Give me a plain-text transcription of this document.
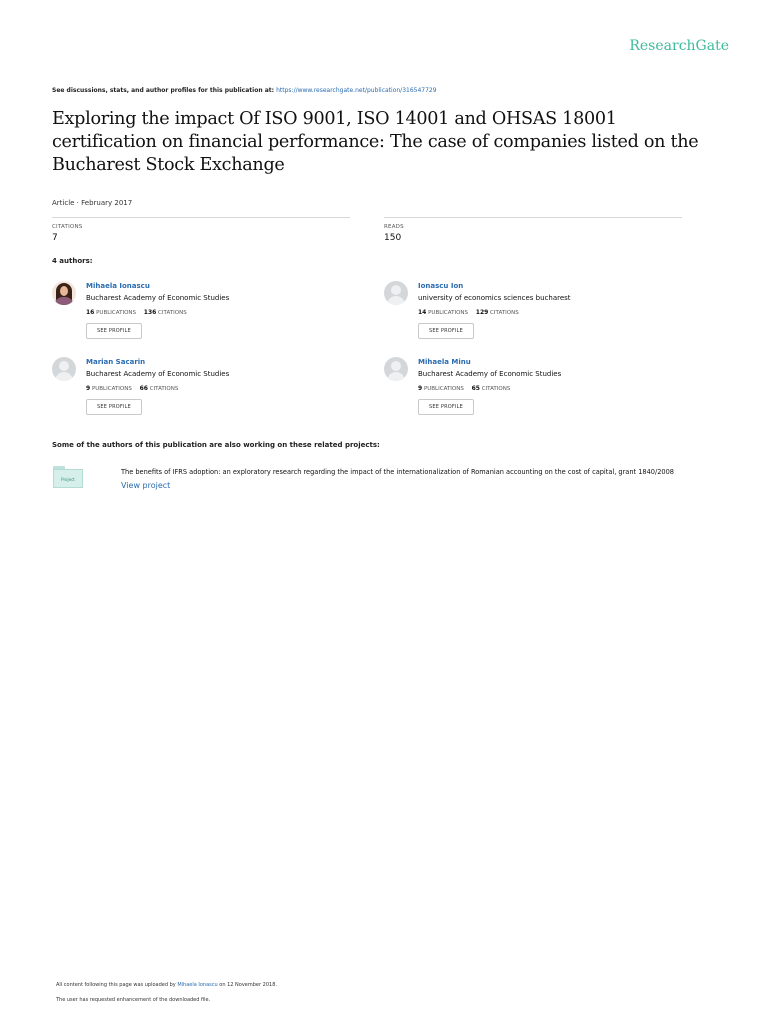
ResearchGate
See discussions, stats, and author profiles for this publication at: https://www.researchgate.net/publication/316547729
Exploring the impact Of ISO 9001, ISO 14001 and OHSAS 18001 certification on financial performance: The case of companies listed on the Bucharest Stock Exchange
Article · February 2017
CITATIONS
7
READS
150
4 authors:
Mihaela Ionascu
Bucharest Academy of Economic Studies
16 PUBLICATIONS 136 CITATIONS
SEE PROFILE
Ionascu Ion
university of economics sciences bucharest
14 PUBLICATIONS 129 CITATIONS
SEE PROFILE
Marian Sacarin
Bucharest Academy of Economic Studies
9 PUBLICATIONS 66 CITATIONS
SEE PROFILE
Mihaela Minu
Bucharest Academy of Economic Studies
9 PUBLICATIONS 65 CITATIONS
SEE PROFILE
Some of the authors of this publication are also working on these related projects:
Project
The benefits of IFRS adoption: an exploratory research regarding the impact of the internationalization of Romanian accounting on the cost of capital, grant 1840/2008
View project
All content following this page was uploaded by Mihaela Ionascu on 12 November 2018.
The user has requested enhancement of the downloaded file.
